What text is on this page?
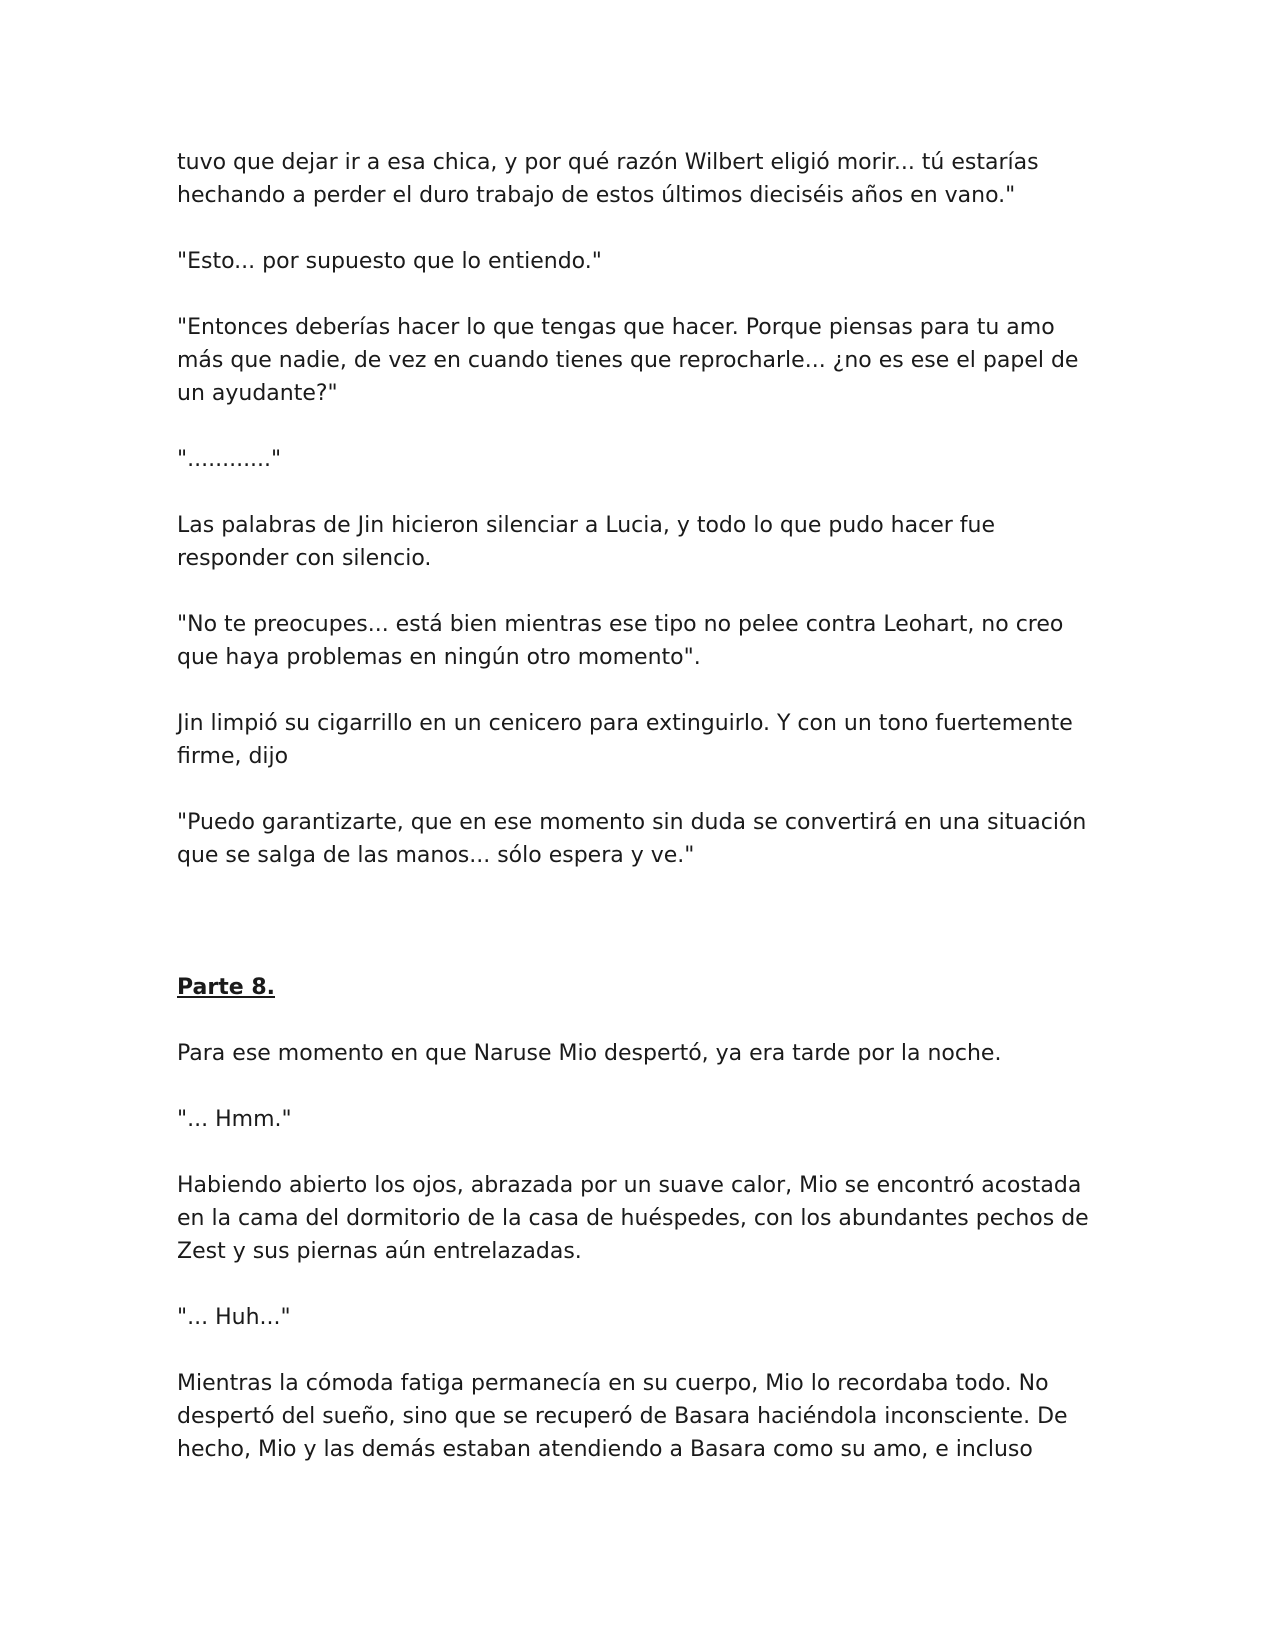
tuvo que dejar ir a esa chica, y por qué razón Wilbert eligió morir... tú estarías hechando a perder el duro trabajo de estos últimos dieciséis años en vano."

"Esto... por supuesto que lo entiendo."

"Entonces deberías hacer lo que tengas que hacer. Porque piensas para tu amo más que nadie, de vez en cuando tienes que reprocharle... ¿no es ese el papel de un ayudante?"

"............"

Las palabras de Jin hicieron silenciar a Lucia, y todo lo que pudo hacer fue responder con silencio.

"No te preocupes... está bien mientras ese tipo no pelee contra Leohart, no creo que haya problemas en ningún otro momento".

Jin limpió su cigarrillo en un cenicero para extinguirlo. Y con un tono fuertemente firme, dijo

"Puedo garantizarte, que en ese momento sin duda se convertirá en una situación que se salga de las manos... sólo espera y ve."

Parte 8.

Para ese momento en que Naruse Mio despertó, ya era tarde por la noche.

"... Hmm."

Habiendo abierto los ojos, abrazada por un suave calor, Mio se encontró acostada en la cama del dormitorio de la casa de huéspedes, con los abundantes pechos de Zest y sus piernas aún entrelazadas.

"... Huh..."

Mientras la cómoda fatiga permanecía en su cuerpo, Mio lo recordaba todo. No despertó del sueño, sino que se recuperó de Basara haciéndola inconsciente. De hecho, Mio y las demás estaban atendiendo a Basara como su amo, e incluso
